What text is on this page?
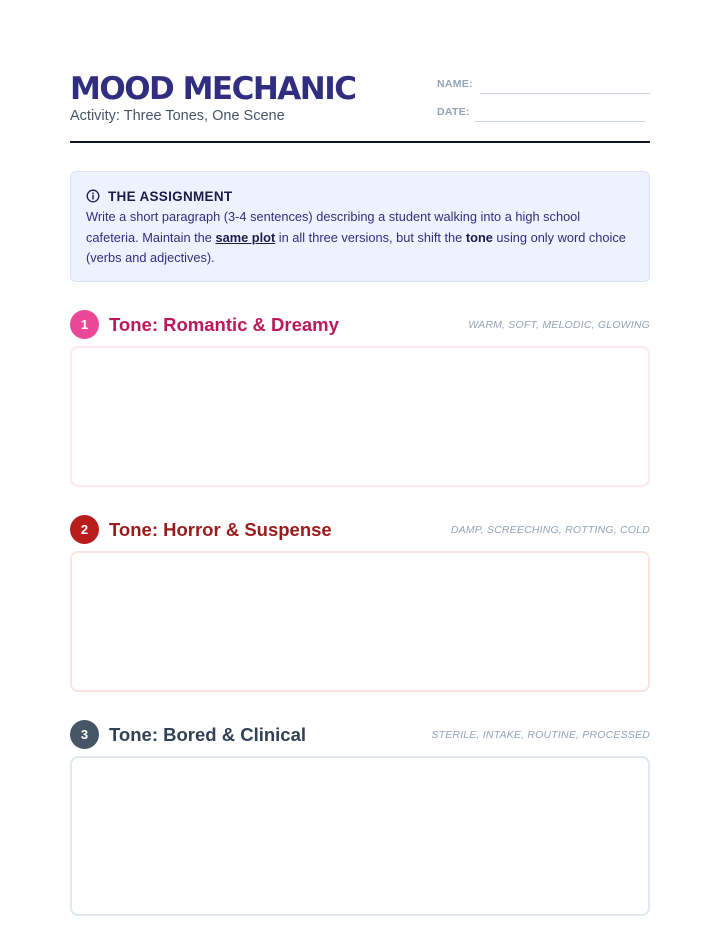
MOOD MECHANIC
Activity: Three Tones, One Scene
NAME:
DATE:
THE ASSIGNMENT
Write a short paragraph (3-4 sentences) describing a student walking into a high school cafeteria. Maintain the same plot in all three versions, but shift the tone using only word choice (verbs and adjectives).
1	Tone: Romantic & Dreamy	WARM, SOFT, MELODIC, GLOWING
2	Tone: Horror & Suspense	DAMP, SCREECHING, ROTTING, COLD
3	Tone: Bored & Clinical	STERILE, INTAKE, ROUTINE, PROCESSED
